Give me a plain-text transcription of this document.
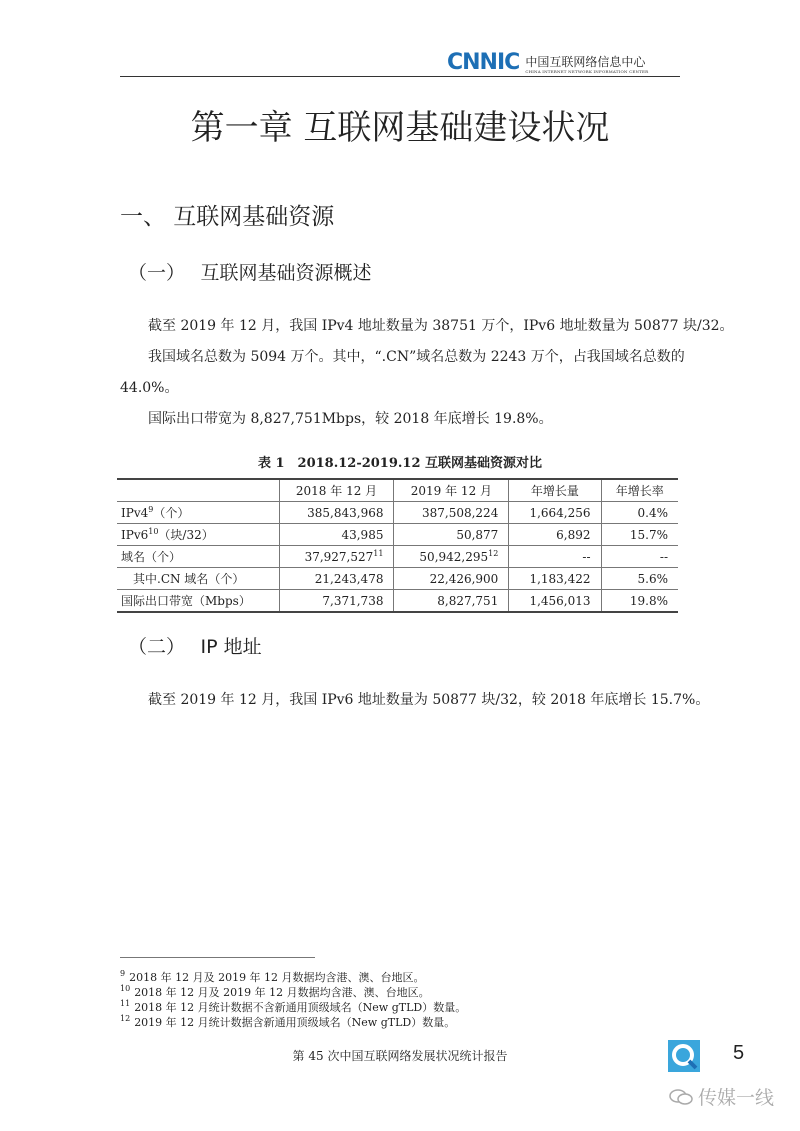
CNNIC 中国互联网络信息中心
CHINA INTERNET NETWORK INFORMATION CENTER
第一章 互联网基础建设状况
一、 互联网基础资源
（一）　 互联网基础资源概述
截至 2019 年 12 月，我国 IPv4 地址数量为 38751 万个，IPv6 地址数量为 50877 块/32。
我国域名总数为 5094 万个。其中，“.CN”域名总数为 2243 万个，占我国域名总数的
44.0%。
国际出口带宽为 8,827,751Mbps，较 2018 年底增长 19.8%。
表 1　2018.12-2019.12 互联网基础资源对比
	2018 年 12 月	2019 年 12 月	年增长量	年增长率
$IPv4^9$（个）	385,843,968	387,508,224	1,664,256	0.4%
$IPv6^{10}$（块/32）	43,985	50,877	6,892	15.7%
域名（个）	37,927,527$^{11}$	50,942,295$^{12}$	--	--
　其中.CN 域名（个）	21,243,478	22,426,900	1,183,422	5.6%
国际出口带宽（Mbps）	7,371,738	8,827,751	1,456,013	19.8%
（二）　 IP 地址
截至 2019 年 12 月，我国 IPv6 地址数量为 50877 块/32，较 2018 年底增长 15.7%。
$^9$ 2018 年 12 月及 2019 年 12 月数据均含港、澳、台地区。
$^{10}$ 2018 年 12 月及 2019 年 12 月数据均含港、澳、台地区。
$^{11}$ 2018 年 12 月统计数据不含新通用顶级域名（New gTLD）数量。
$^{12}$ 2019 年 12 月统计数据含新通用顶级域名（New gTLD）数量。
第 45 次中国互联网络发展状况统计报告	5
传媒一线
